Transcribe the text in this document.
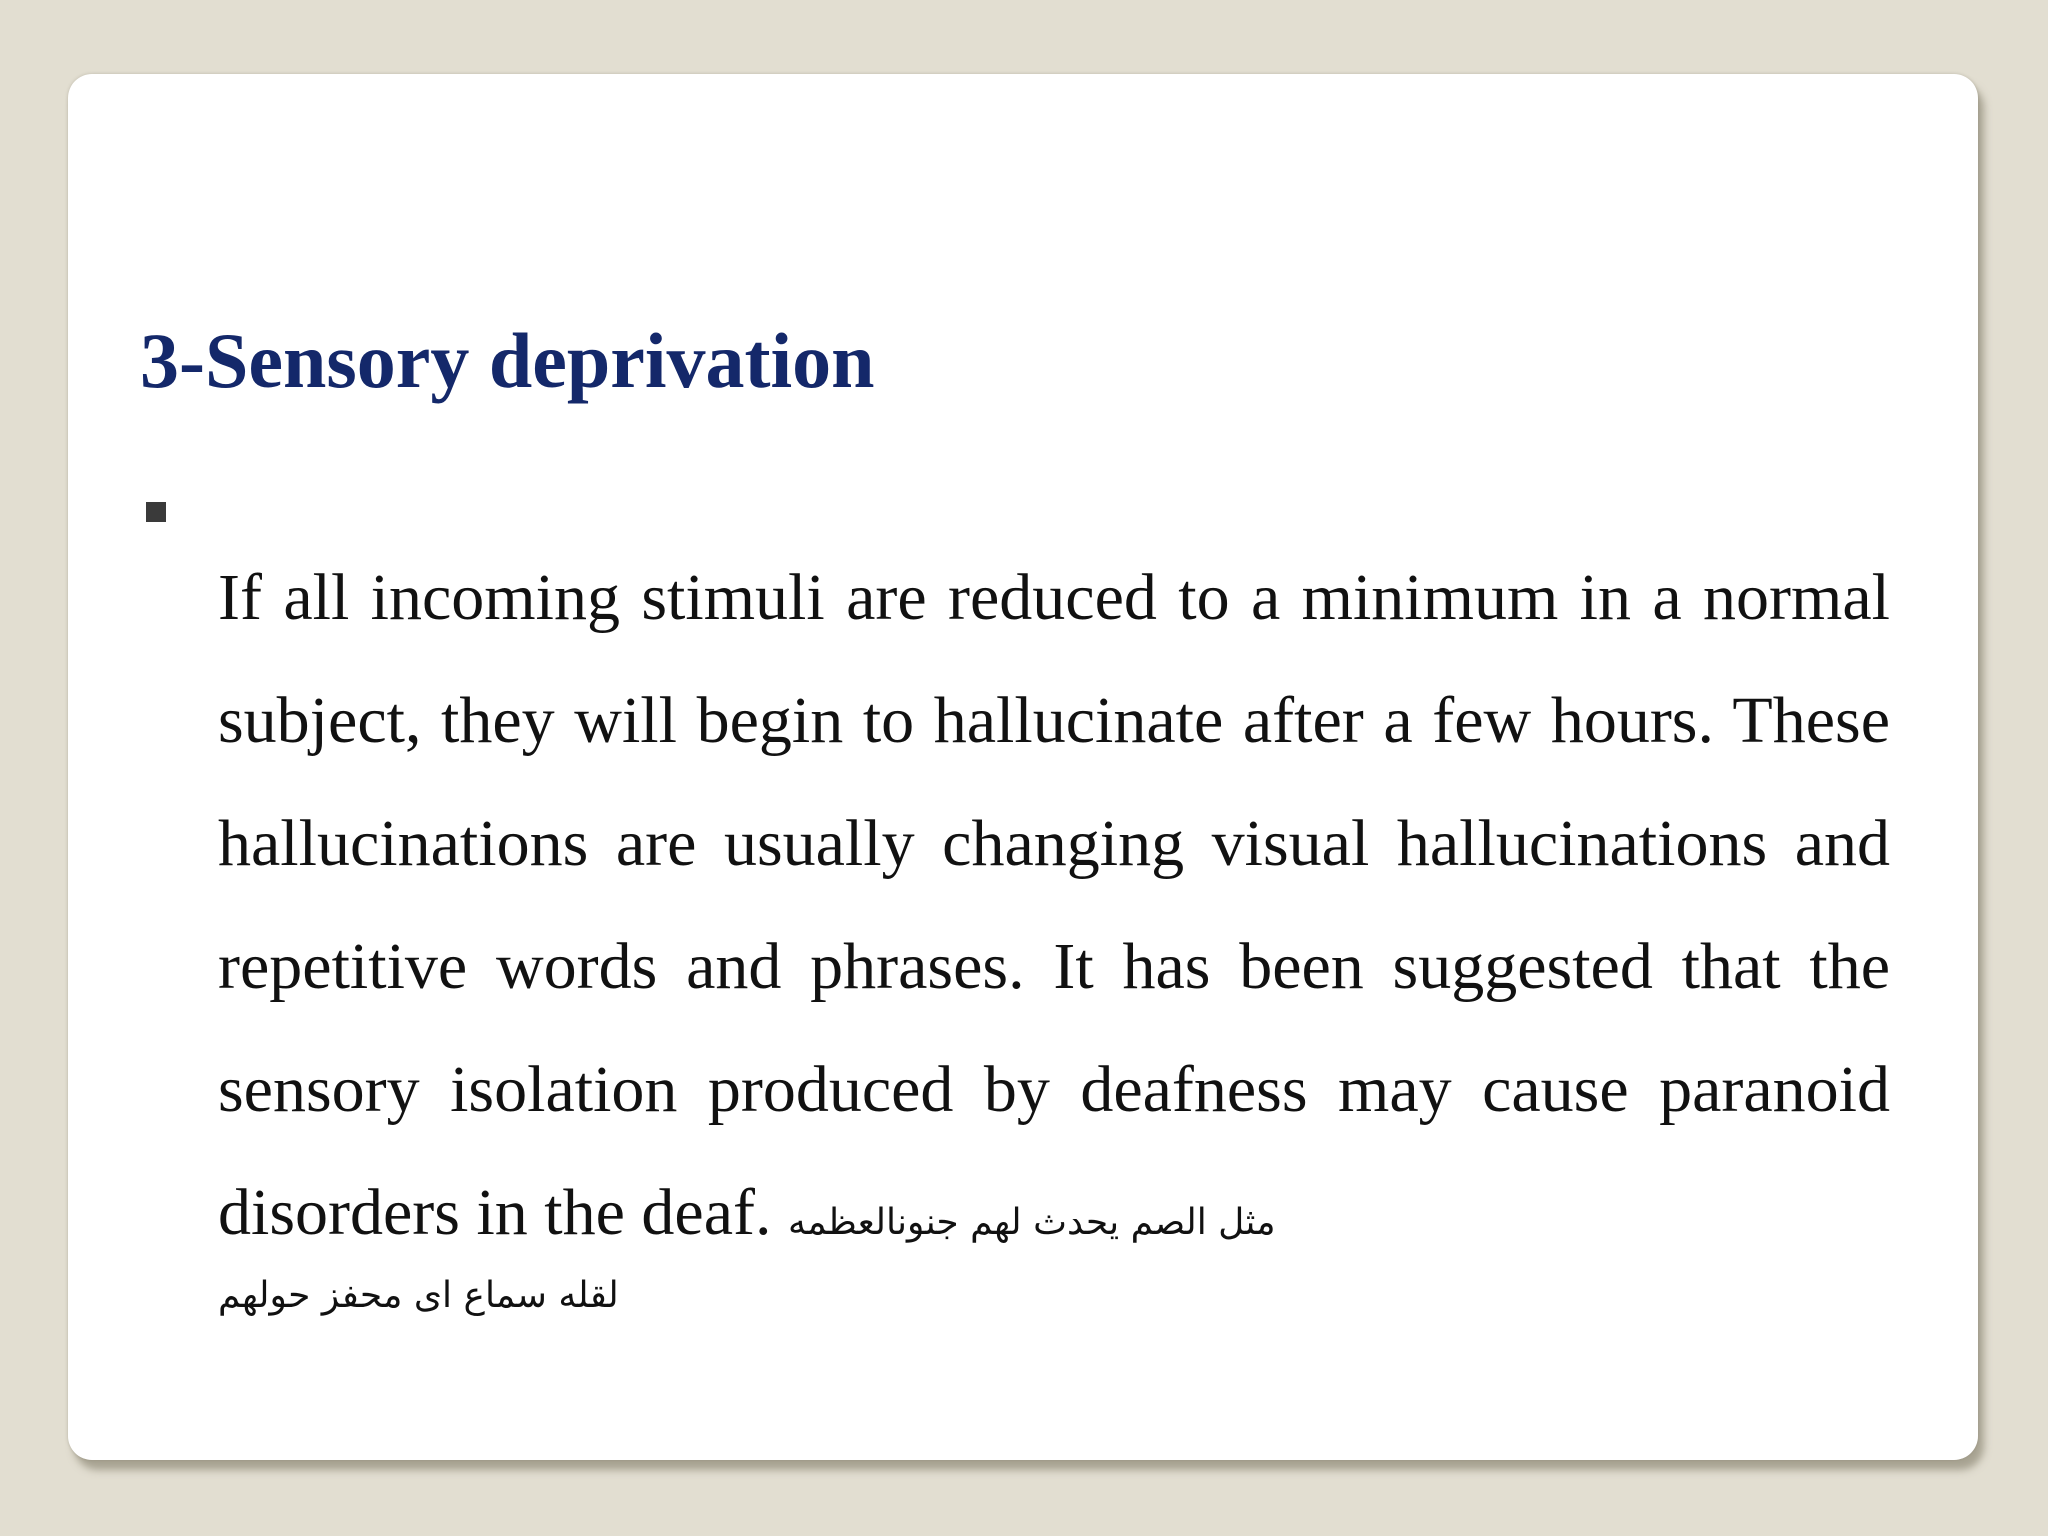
3-Sensory deprivation

If all incoming stimuli are reduced to a minimum in a normal subject, they will begin to hallucinate after a few hours. These hallucinations are usually changing visual hallucinations and repetitive words and phrases. It has been suggested that the sensory isolation produced by deafness may cause paranoid disorders in the deaf. مثل الصم يحدث لهم جنونالعظمه

لقله سماع اى محفز حولهم
